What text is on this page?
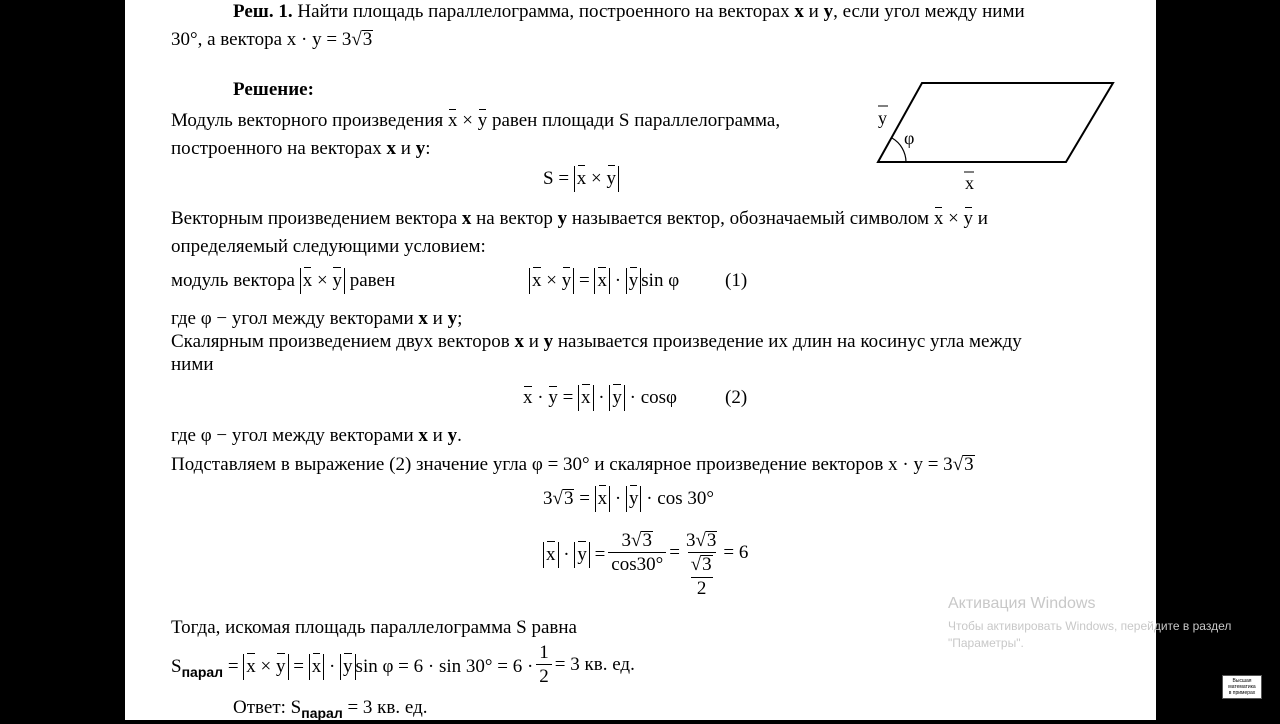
Реш. 1. Найти площадь параллелограмма, построенного на векторах x и y, если угол между ними
30°, а вектора x · y = 3√3
Решение:
Модуль векторного произведения x × y равен площади S параллелограмма,
построенного на векторах x и y:
S = x × y
y
φ
x
Векторным произведением вектора x на вектор y называется вектор, обозначаемый символом x × y и
определяемый следующими условием:
модуль вектора x × y равен	x × y = x · y sin φ (1)
где φ − угол между векторами x и y;
Скалярным произведением двух векторов x и y называется произведение их длин на косинус угла между
ними
x · y = x · y · cosφ	(2)
где φ − угол между векторами x и y.
Подставляем в выражение (2) значение угла φ = 30° и скалярное произведение векторов x · y = 3√3
3√3 = x · y · cos 30°
$x \cdot y = \frac{3√3}{\cos 30^\circ} = \frac{3√3}{\frac{√3}{2}} = 6$
Тогда, искомая площадь параллелограмма S равна
$S_{парал} = x \times y = x \cdot y$ $\sin \varphi = 6 \cdot \sin 30^\circ = 6 \cdot \frac{1}{2} = 3$ кв. ед.
Ответ: $S_{парал} = 3$ кв. ед.
Активация Windows
Чтобы активировать Windows, перейдите в раздел
"Параметры".
Высшая
математика
в примерах
